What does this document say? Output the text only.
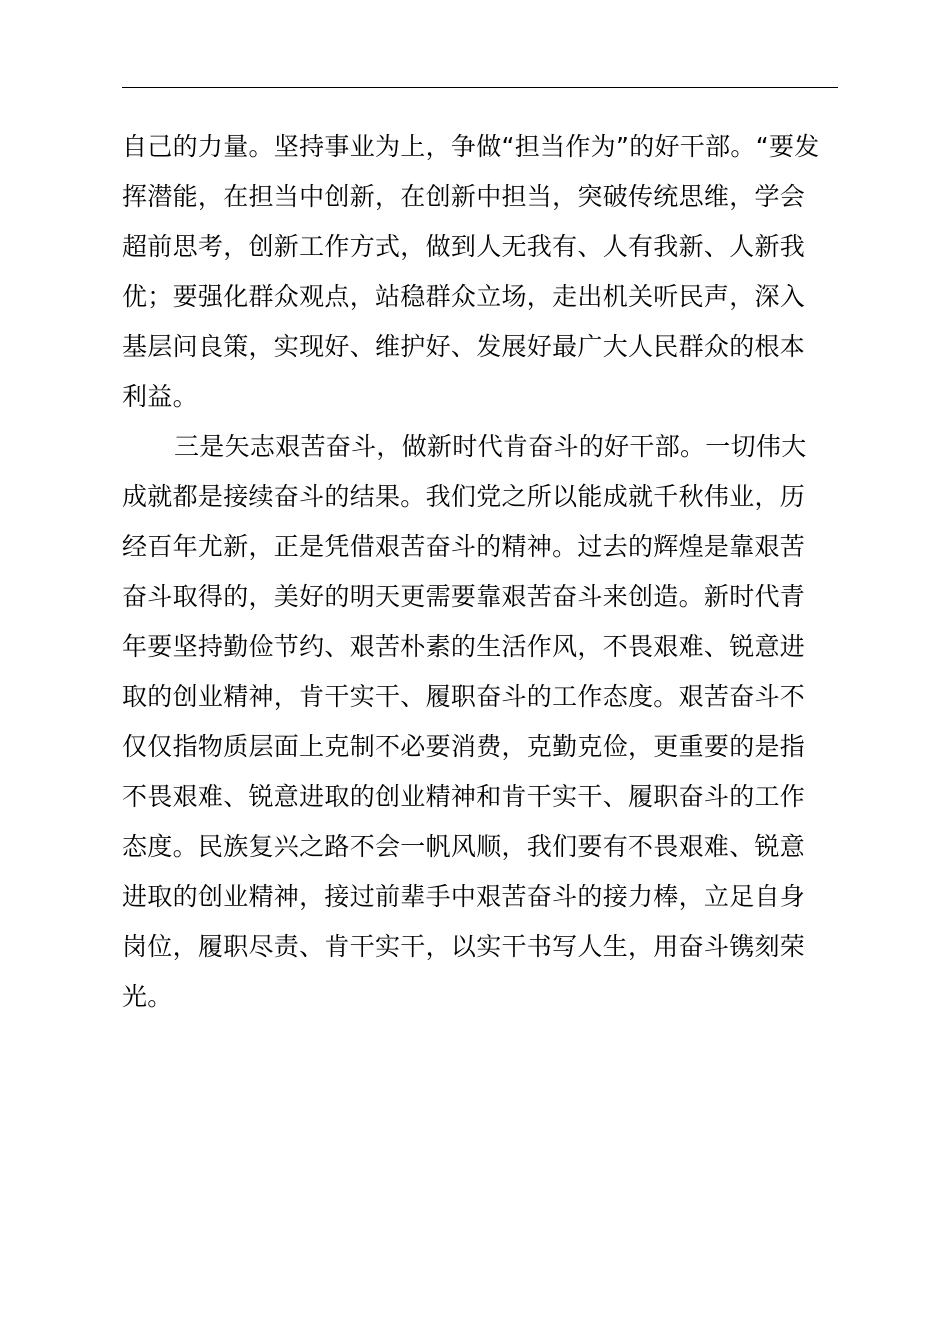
自己的力量。坚持事业为上，争做“担当作为”的好干部。“要发
挥潜能，在担当中创新，在创新中担当，突破传统思维，学会
超前思考，创新工作方式，做到人无我有、人有我新、人新我
优；要强化群众观点，站稳群众立场，走出机关听民声，深入
基层问良策，实现好、维护好、发展好最广大人民群众的根本
利益。
三是矢志艰苦奋斗，做新时代肯奋斗的好干部。一切伟大
成就都是接续奋斗的结果。我们党之所以能成就千秋伟业，历
经百年尤新，正是凭借艰苦奋斗的精神。过去的辉煌是靠艰苦
奋斗取得的，美好的明天更需要靠艰苦奋斗来创造。新时代青
年要坚持勤俭节约、艰苦朴素的生活作风，不畏艰难、锐意进
取的创业精神，肯干实干、履职奋斗的工作态度。艰苦奋斗不
仅仅指物质层面上克制不必要消费，克勤克俭，更重要的是指
不畏艰难、锐意进取的创业精神和肯干实干、履职奋斗的工作
态度。民族复兴之路不会一帆风顺，我们要有不畏艰难、锐意
进取的创业精神，接过前辈手中艰苦奋斗的接力棒，立足自身
岗位，履职尽责、肯干实干，以实干书写人生，用奋斗镌刻荣
光。
